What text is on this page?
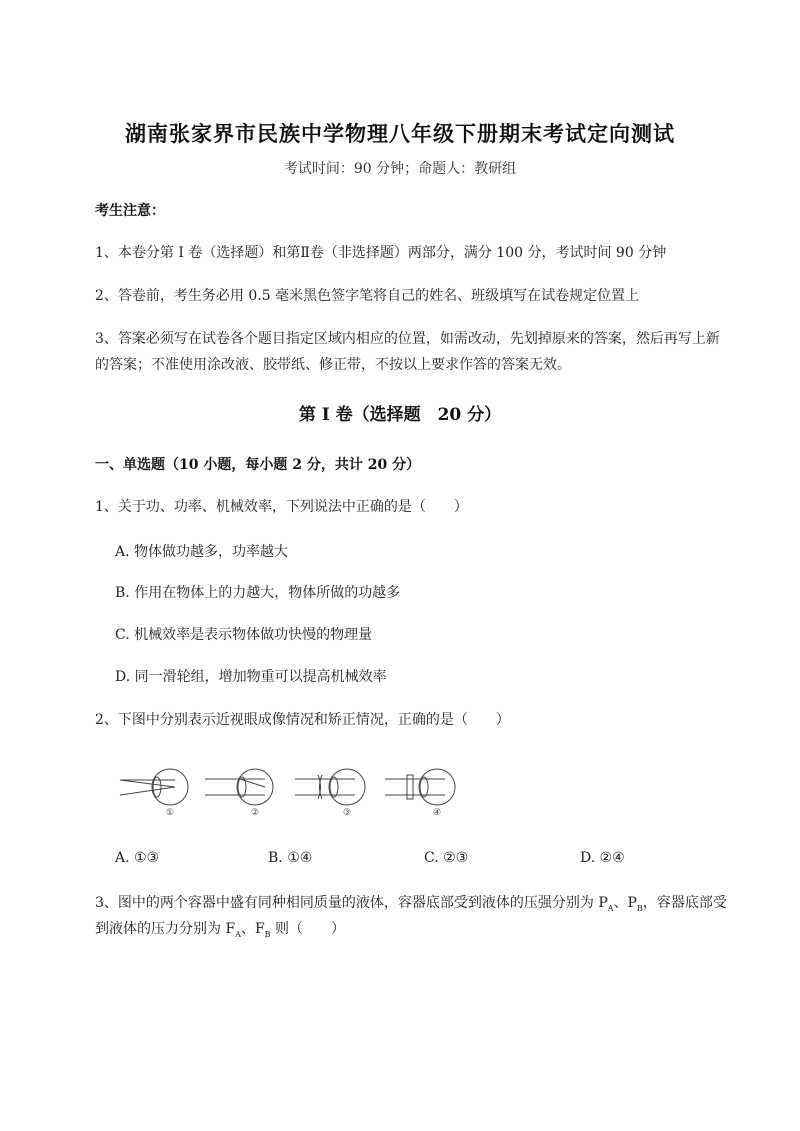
湖南张家界市民族中学物理八年级下册期末考试定向测试
考试时间：90 分钟；命题人：教研组
考生注意：
1、本卷分第 I 卷（选择题）和第Ⅱ卷（非选择题）两部分，满分 100 分，考试时间 90 分钟
2、答卷前，考生务必用 0.5 毫米黑色签字笔将自己的姓名、班级填写在试卷规定位置上
3、答案必须写在试卷各个题目指定区域内相应的位置，如需改动，先划掉原来的答案，然后再写上新
的答案；不准使用涂改液、胶带纸、修正带，不按以上要求作答的答案无效。
第 I 卷（选择题　20 分）
一、单选题（10 小题，每小题 2 分，共计 20 分）
1、关于功、功率、机械效率，下列说法中正确的是（　　）
A. 物体做功越多，功率越大
B. 作用在物体上的力越大，物体所做的功越多
C. 机械效率是表示物体做功快慢的物理量
D. 同一滑轮组，增加物重可以提高机械效率
2、下图中分别表示近视眼成像情况和矫正情况，正确的是（　　）
①	②	③	④
A. ①③	B. ①④	C. ②③	D. ②④
3、图中的两个容器中盛有同种相同质量的液体，容器底部受到液体的压强分别为 $P_A$、$P_B$，容器底部受
到液体的压力分别为 $F_A$、$F_B$ 则（　　）
